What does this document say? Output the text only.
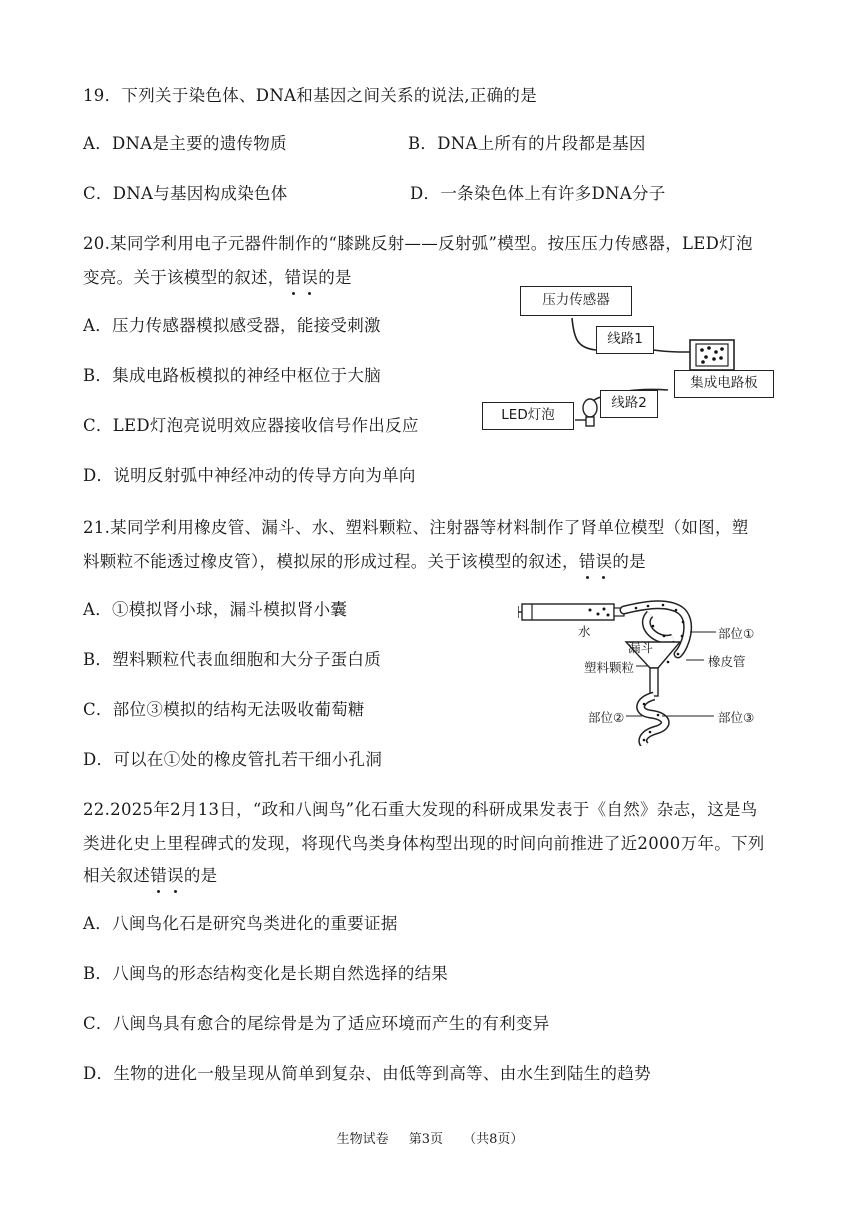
19．下列关于染色体、DNA和基因之间关系的说法,正确的是
A．DNA是主要的遗传物质	B．DNA上所有的片段都是基因
C．DNA与基因构成染色体	D．一条染色体上有许多DNA分子
20.某同学利用电子元器件制作的“膝跳反射——反射弧”模型。按压压力传感器，LED灯泡
变亮。关于该模型的叙述，错误的是
A．压力传感器模拟感受器，能接受刺激
B．集成电路板模拟的神经中枢位于大脑
C．LED灯泡亮说明效应器接收信号作出反应
D．说明反射弧中神经冲动的传导方向为单向
压力传感器
线路1
集成电路板
线路2
LED灯泡
21.某同学利用橡皮管、漏斗、水、塑料颗粒、注射器等材料制作了肾单位模型（如图，塑
料颗粒不能透过橡皮管），模拟尿的形成过程。关于该模型的叙述，错误的是
A．①模拟肾小球，漏斗模拟肾小囊
B．塑料颗粒代表血细胞和大分子蛋白质
C．部位③模拟的结构无法吸收葡萄糖
D．可以在①处的橡皮管扎若干细小孔洞
水
漏斗
部位①
塑料颗粒	橡皮管
部位②	部位③
22.2025年2月13日，“政和八闽鸟”化石重大发现的科研成果发表于《自然》杂志，这是鸟
类进化史上里程碑式的发现，将现代鸟类身体构型出现的时间向前推进了近2000万年。下列
相关叙述错误的是
A．八闽鸟化石是研究鸟类进化的重要证据
B．八闽鸟的形态结构变化是长期自然选择的结果
C．八闽鸟具有愈合的尾综骨是为了适应环境而产生的有利变异
D．生物的进化一般呈现从简单到复杂、由低等到高等、由水生到陆生的趋势
生物试卷 第3页 （共8页）
